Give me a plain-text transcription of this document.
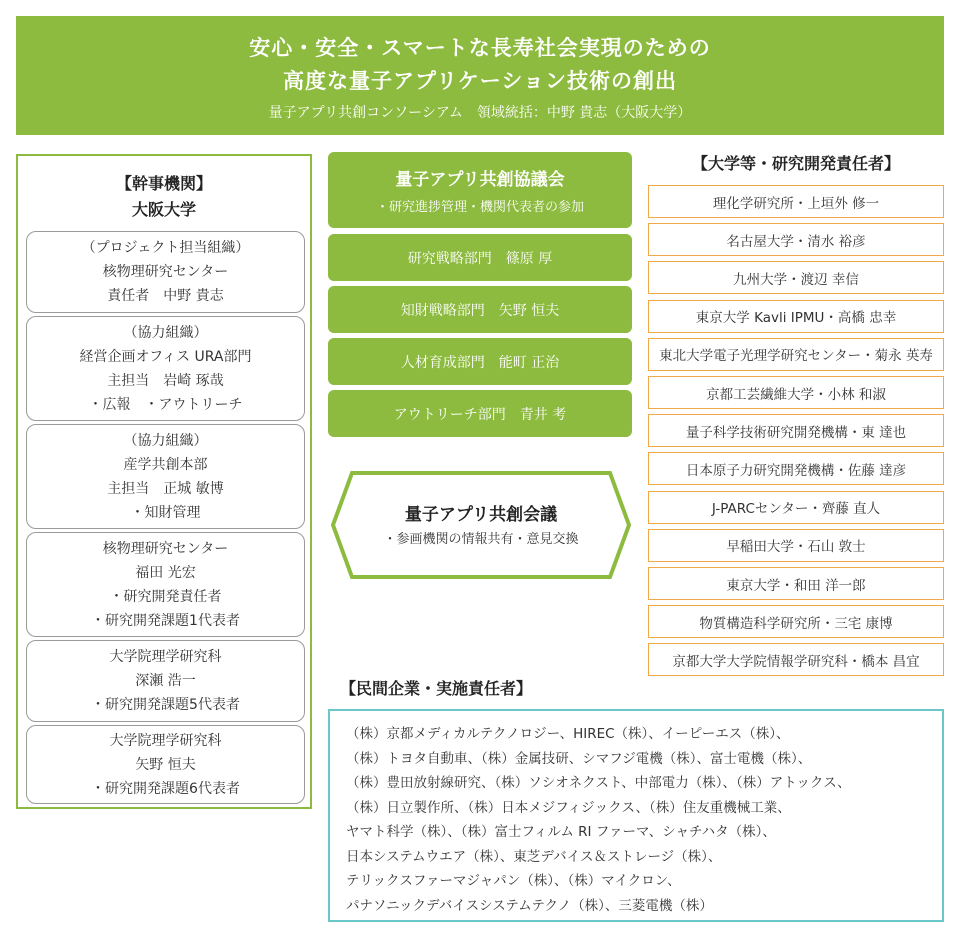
安心・安全・スマートな長寿社会実現のための
高度な量子アプリケーション技術の創出
量子アプリ共創コンソーシアム　領域統括：中野 貴志（大阪大学）
【幹事機関】
大阪大学
（プロジェクト担当組織）
核物理研究センター
責任者　中野 貴志
（協力組織）
経営企画オフィス URA部門
主担当　岩崎 琢哉
・広報　・アウトリーチ
（協力組織）
産学共創本部
主担当　正城 敏博
・知財管理
核物理研究センター
福田 光宏
・研究開発責任者
・研究開発課題1代表者
大学院理学研究科
深瀬 浩一
・研究開発課題5代表者
大学院理学研究科
矢野 恒夫
・研究開発課題6代表者
量子アプリ共創協議会
・研究進捗管理・機関代表者の参加
研究戦略部門　篠原 厚
知財戦略部門　矢野 恒夫
人材育成部門　能町 正治
アウトリーチ部門　青井 考
量子アプリ共創会議
・参画機関の情報共有・意見交換
【大学等・研究開発責任者】
理化学研究所・上垣外 修一
名古屋大学・清水 裕彦
九州大学・渡辺 幸信
東京大学 Kavli IPMU・高橋 忠幸
東北大学電子光理学研究センター・菊永 英寿
京都工芸繊維大学・小林 和淑
量子科学技術研究開発機構・東 達也
日本原子力研究開発機構・佐藤 達彦
J-PARCセンター・齊藤 直人
早稲田大学・石山 敦士
東京大学・和田 洋一郎
物質構造科学研究所・三宅 康博
京都大学大学院情報学研究科・橋本 昌宜
【民間企業・実施責任者】
（株）京都メディカルテクノロジー、HIREC（株）、イーピーエス（株）、
（株）トヨタ自動車、（株）金属技研、シマフジ電機（株）、富士電機（株）、
（株）豊田放射線研究、（株）ソシオネクスト、中部電力（株）、（株）アトックス、
（株）日立製作所、（株）日本メジフィジックス、（株）住友重機械工業、
ヤマト科学（株）、（株）富士フィルム RI ファーマ、シャチハタ（株）、
日本システムウエア（株）、東芝デバイス＆ストレージ（株）、
テリックスファーマジャパン（株）、（株）マイクロン、
パナソニックデバイスシステムテクノ（株）、三菱電機（株）
